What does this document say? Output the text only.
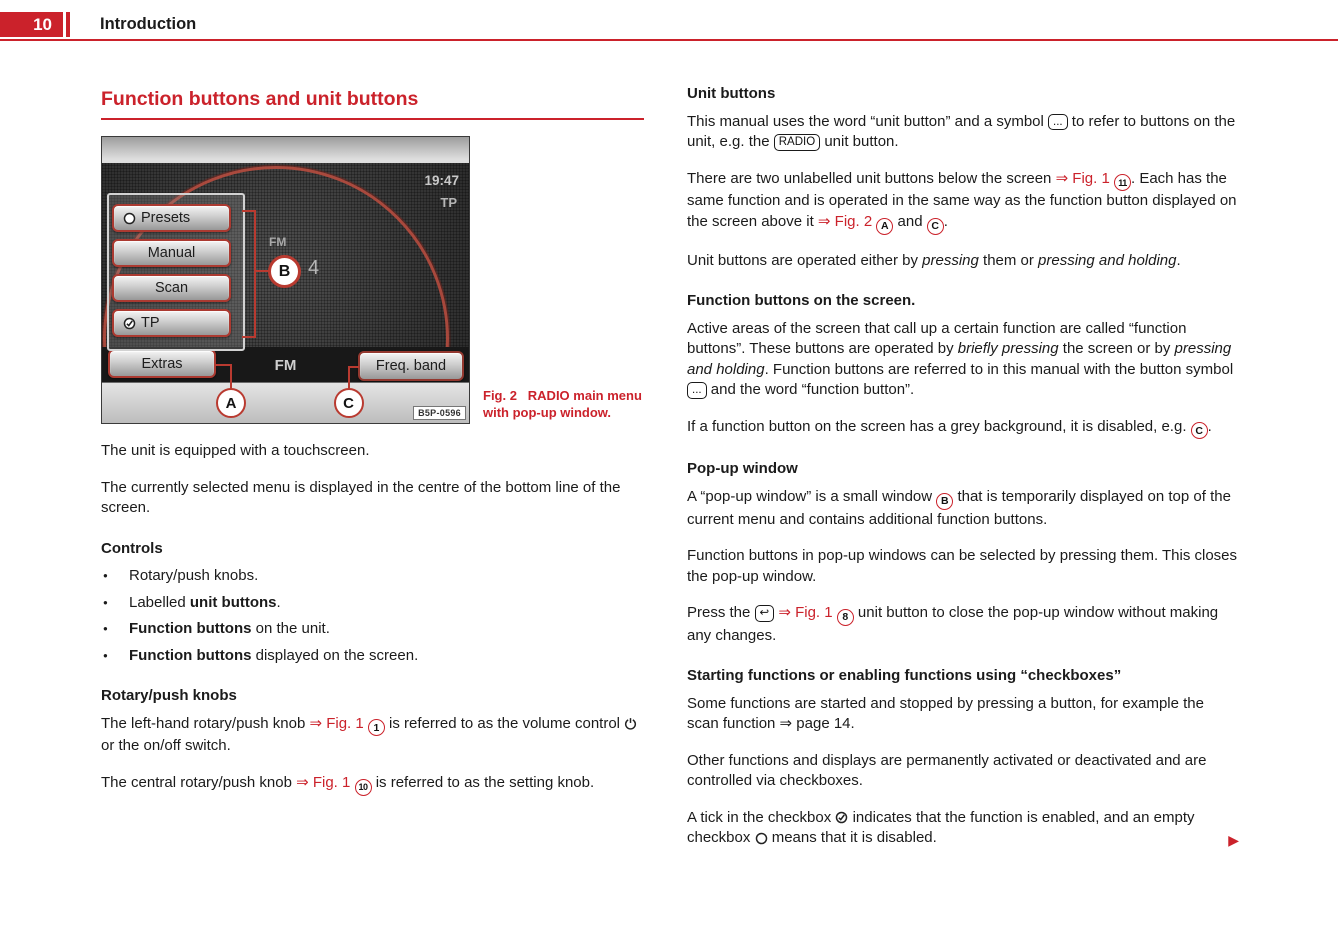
10	Introduction
Function buttons and unit buttons
19:47
TP
FM
Extras	Freq. band
Presets
Manual
Scan
TP
FM
B 4
A	C
B5P-0596
Fig. 2   RADIO main menu
with pop-up window.
The unit is equipped with a touchscreen.
The currently selected menu is displayed in the centre of the bottom line of the screen.
Controls
●	Rotary/push knobs.
●	Labelled unit buttons.
●	Function buttons on the unit.
●	Function buttons displayed on the screen.
Rotary/push knobs
The left-hand rotary/push knob ⇒ Fig. 1 1 is referred to as the volume control  or the on/off switch.
The central rotary/push knob ⇒ Fig. 1 10 is referred to as the setting knob.
Unit buttons
This manual uses the word “unit button” and a symbol ... to refer to buttons on the unit, e.g. the RADIO unit button.
There are two unlabelled unit buttons below the screen ⇒ Fig. 1 11 . Each has the same function and is operated in the same way as the function button displayed on the screen above it ⇒ Fig. 2 A and C .
Unit buttons are operated either by pressing them or pressing and holding.
Function buttons on the screen.
Active areas of the screen that call up a certain function are called “function buttons”. These buttons are operated by briefly pressing the screen or by pressing and holding. Function buttons are referred to in this manual with the button symbol ... and the word “function button”.
If a function button on the screen has a grey background, it is disabled, e.g. C .
Pop-up window
A “pop-up window” is a small window B that is temporarily displayed on top of the current menu and contains additional function buttons.
Function buttons in pop-up windows can be selected by pressing them. This closes the pop-up window.
Press the ↩ ⇒ Fig. 1 8 unit button to close the pop-up window without making any changes.
Starting functions or enabling functions using “checkboxes”
Some functions are started and stopped by pressing a button, for example the scan function ⇒ page 14.
Other functions and displays are permanently activated or deactivated and are controlled via checkboxes.
A tick in the checkbox  indicates that the function is enabled, and an empty checkbox  means that it is disabled.	▶
